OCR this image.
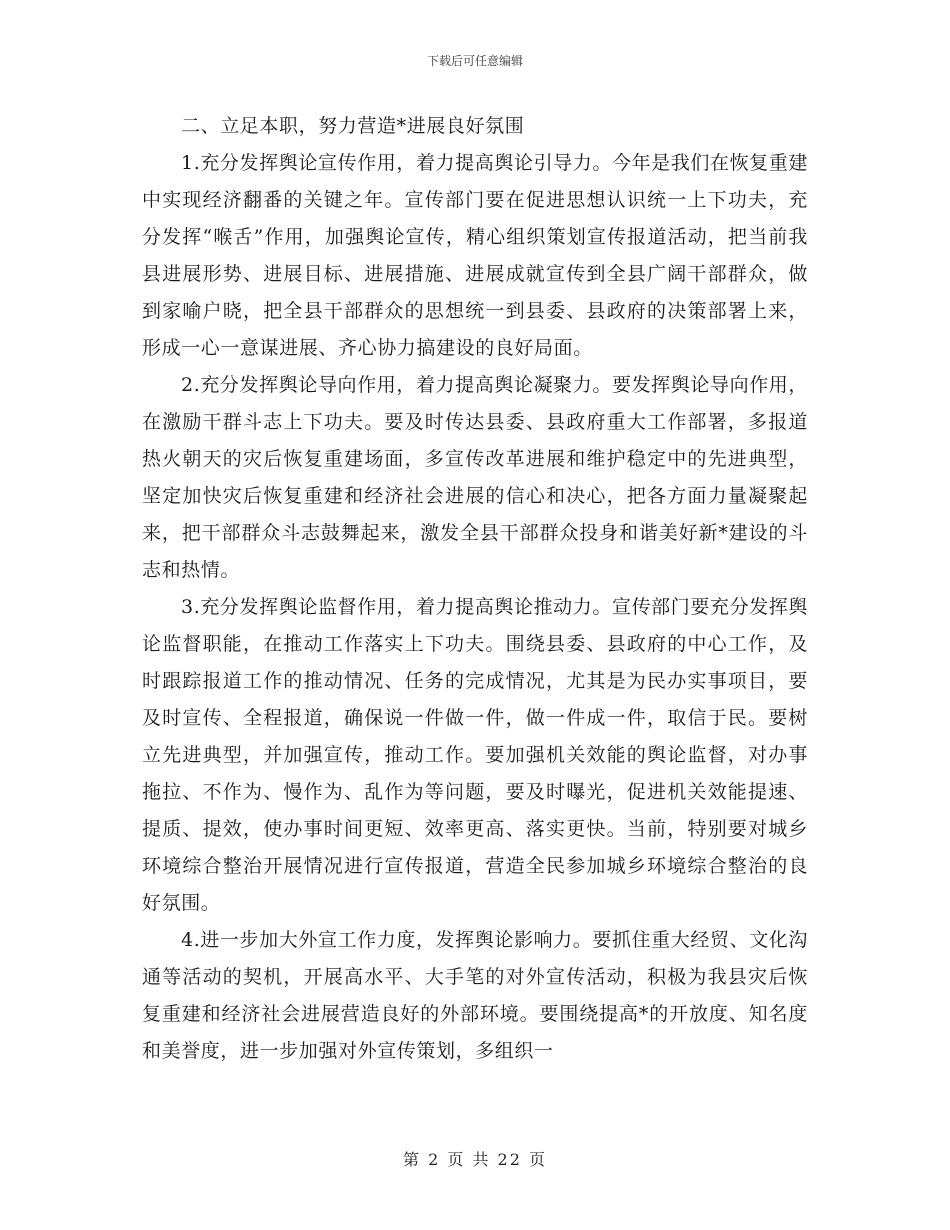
下载后可任意编辑

二、立足本职，努力营造*进展良好氛围

1.充分发挥舆论宣传作用，着力提高舆论引导力。今年是我们在恢复重建中实现经济翻番的关键之年。宣传部门要在促进思想认识统一上下功夫，充分发挥“喉舌”作用，加强舆论宣传，精心组织策划宣传报道活动，把当前我县进展形势、进展目标、进展措施、进展成就宣传到全县广阔干部群众，做到家喻户晓，把全县干部群众的思想统一到县委、县政府的决策部署上来，形成一心一意谋进展、齐心协力搞建设的良好局面。

2.充分发挥舆论导向作用，着力提高舆论凝聚力。要发挥舆论导向作用，在激励干群斗志上下功夫。要及时传达县委、县政府重大工作部署，多报道热火朝天的灾后恢复重建场面，多宣传改革进展和维护稳定中的先进典型，坚定加快灾后恢复重建和经济社会进展的信心和决心，把各方面力量凝聚起来，把干部群众斗志鼓舞起来，激发全县干部群众投身和谐美好新*建设的斗志和热情。

3.充分发挥舆论监督作用，着力提高舆论推动力。宣传部门要充分发挥舆论监督职能，在推动工作落实上下功夫。围绕县委、县政府的中心工作，及时跟踪报道工作的推动情况、任务的完成情况，尤其是为民办实事项目，要及时宣传、全程报道，确保说一件做一件，做一件成一件，取信于民。要树立先进典型，并加强宣传，推动工作。要加强机关效能的舆论监督，对办事拖拉、不作为、慢作为、乱作为等问题，要及时曝光，促进机关效能提速、提质、提效，使办事时间更短、效率更高、落实更快。当前，特别要对城乡环境综合整治开展情况进行宣传报道，营造全民参加城乡环境综合整治的良好氛围。

4.进一步加大外宣工作力度，发挥舆论影响力。要抓住重大经贸、文化沟通等活动的契机，开展高水平、大手笔的对外宣传活动，积极为我县灾后恢复重建和经济社会进展营造良好的外部环境。要围绕提高*的开放度、知名度和美誉度，进一步加强对外宣传策划，多组织一

第 2 页 共 22 页
